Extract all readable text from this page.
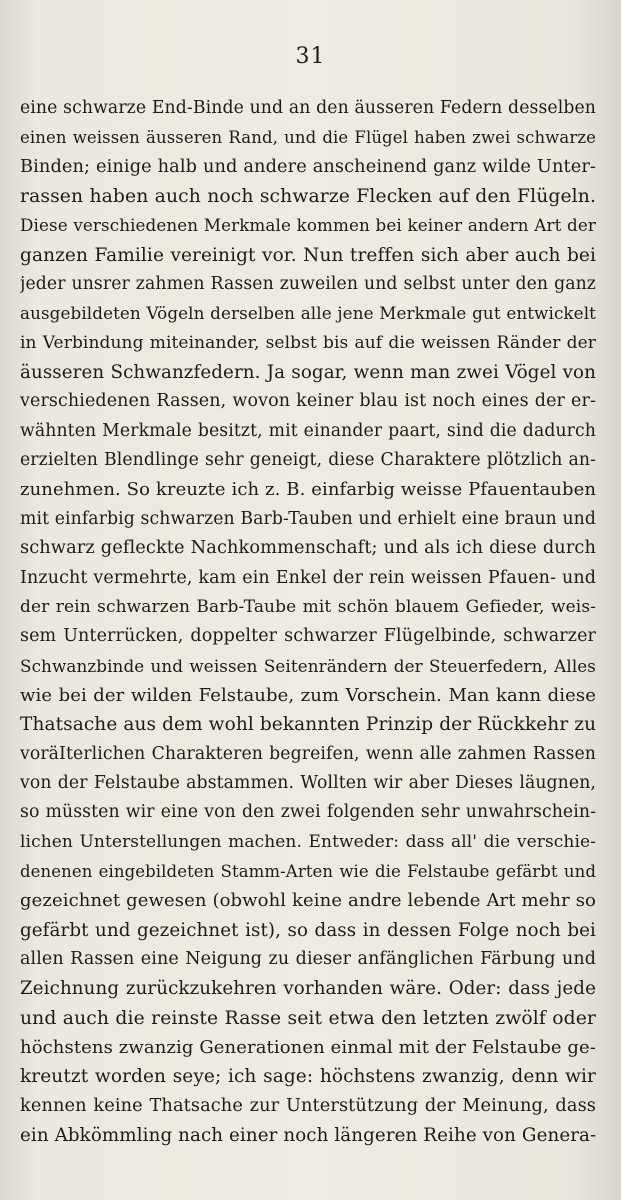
31
eine schwarze End-Binde und an den äusseren Federn desselben
einen weissen äusseren Rand, und die Flügel haben zwei schwarze
Binden; einige halb und andere anscheinend ganz wilde Unter-
rassen haben auch noch schwarze Flecken auf den Flügeln.
Diese verschiedenen Merkmale kommen bei keiner andern Art der
ganzen Familie vereinigt vor. Nun treffen sich aber auch bei
jeder unsrer zahmen Rassen zuweilen und selbst unter den ganz
ausgebildeten Vögeln derselben alle jene Merkmale gut entwickelt
in Verbindung miteinander, selbst bis auf die weissen Ränder der
äusseren Schwanzfedern. Ja sogar, wenn man zwei Vögel von
verschiedenen Rassen, wovon keiner blau ist noch eines der er-
wähnten Merkmale besitzt, mit einander paart, sind die dadurch
erzielten Blendlinge sehr geneigt, diese Charaktere plötzlich an-
zunehmen. So kreuzte ich z. B. einfarbig weisse Pfauentauben
mit einfarbig schwarzen Barb-Tauben und erhielt eine braun und
schwarz gefleckte Nachkommenschaft; und als ich diese durch
Inzucht vermehrte, kam ein Enkel der rein weissen Pfauen- und
der rein schwarzen Barb-Taube mit schön blauem Gefieder, weis-
sem Unterrücken, doppelter schwarzer Flügelbinde, schwarzer
Schwanzbinde und weissen Seitenrändern der Steuerfedern, Alles
wie bei der wilden Felstaube, zum Vorschein. Man kann diese
Thatsache aus dem wohl bekannten Prinzip der Rückkehr zu
voräIterlichen Charakteren begreifen, wenn alle zahmen Rassen
von der Felstaube abstammen. Wollten wir aber Dieses läugnen,
so müssten wir eine von den zwei folgenden sehr unwahrschein-
lichen Unterstellungen machen. Entweder: dass all' die verschie-
denenen eingebildeten Stamm-Arten wie die Felstaube gefärbt und
gezeichnet gewesen (obwohl keine andre lebende Art mehr so
gefärbt und gezeichnet ist), so dass in dessen Folge noch bei
allen Rassen eine Neigung zu dieser anfänglichen Färbung und
Zeichnung zurückzukehren vorhanden wäre. Oder: dass jede
und auch die reinste Rasse seit etwa den letzten zwölf oder
höchstens zwanzig Generationen einmal mit der Felstaube ge-
kreutzt worden seye; ich sage: höchstens zwanzig, denn wir
kennen keine Thatsache zur Unterstützung der Meinung, dass
ein Abkömmling nach einer noch längeren Reihe von Genera-
